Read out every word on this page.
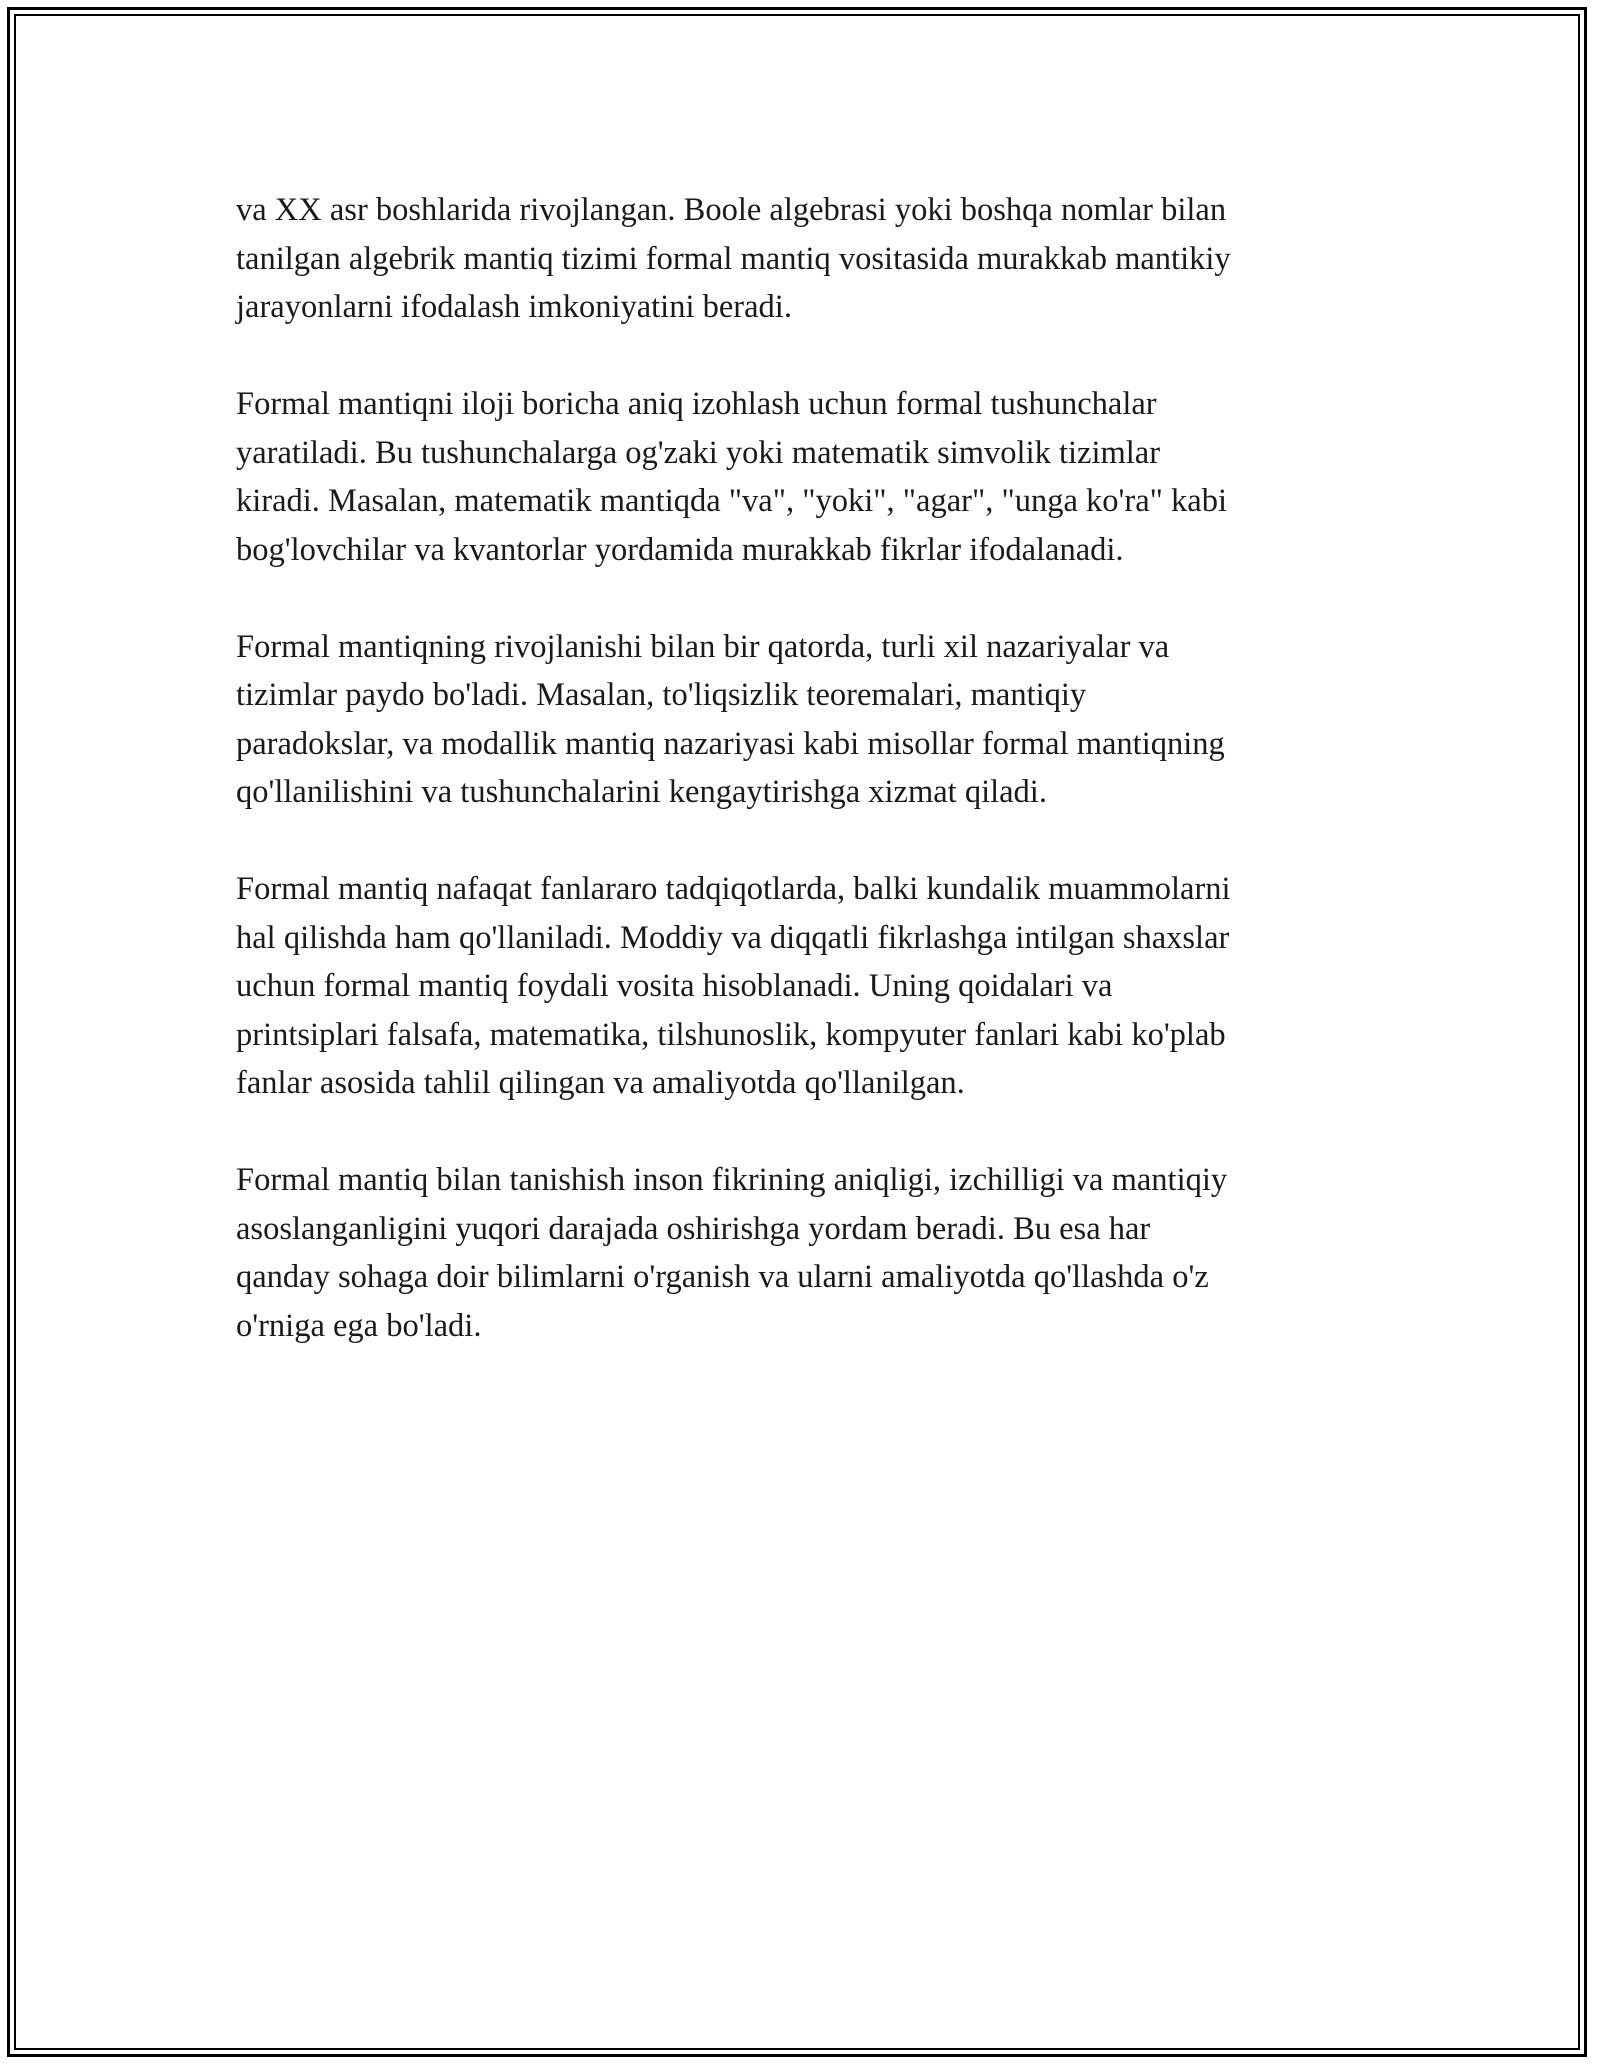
va XX asr boshlarida rivojlangan. Boole algebrasi yoki boshqa nomlar bilan
tanilgan algebrik mantiq tizimi formal mantiq vositasida murakkab mantikiy
jarayonlarni ifodalash imkoniyatini beradi.

Formal mantiqni iloji boricha aniq izohlash uchun formal tushunchalar
yaratiladi. Bu tushunchalarga og'zaki yoki matematik simvolik tizimlar
kiradi. Masalan, matematik mantiqda "va", "yoki", "agar", "unga ko'ra" kabi
bog'lovchilar va kvantorlar yordamida murakkab fikrlar ifodalanadi.

Formal mantiqning rivojlanishi bilan bir qatorda, turli xil nazariyalar va
tizimlar paydo bo'ladi. Masalan, to'liqsizlik teoremalari, mantiqiy
paradokslar, va modallik mantiq nazariyasi kabi misollar formal mantiqning
qo'llanilishini va tushunchalarini kengaytirishga xizmat qiladi.

Formal mantiq nafaqat fanlararo tadqiqotlarda, balki kundalik muammolarni
hal qilishda ham qo'llaniladi. Moddiy va diqqatli fikrlashga intilgan shaxslar
uchun formal mantiq foydali vosita hisoblanadi. Uning qoidalari va
printsiplari falsafa, matematika, tilshunoslik, kompyuter fanlari kabi ko'plab
fanlar asosida tahlil qilingan va amaliyotda qo'llanilgan.

Formal mantiq bilan tanishish inson fikrining aniqligi, izchilligi va mantiqiy
asoslanganligini yuqori darajada oshirishga yordam beradi. Bu esa har
qanday sohaga doir bilimlarni o'rganish va ularni amaliyotda qo'llashda o'z
o'rniga ega bo'ladi.
